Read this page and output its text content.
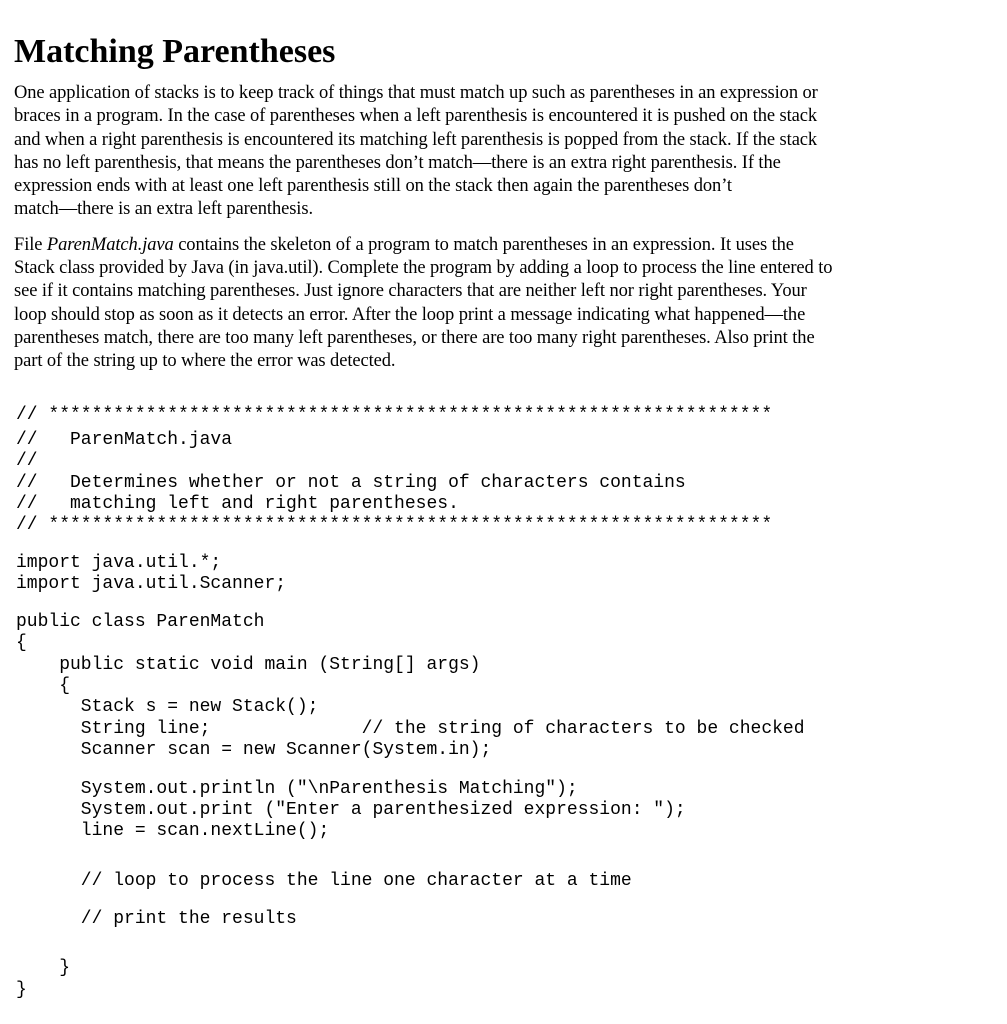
Matching Parentheses
One application of stacks is to keep track of things that must match up such as parentheses in an expression or
braces in a program. In the case of parentheses when a left parenthesis is encountered it is pushed on the stack
and when a right parenthesis is encountered its matching left parenthesis is popped from the stack. If the stack
has no left parenthesis, that means the parentheses don’t match—there is an extra right parenthesis. If the
expression ends with at least one left parenthesis still on the stack then again the parentheses don’t
match—there is an extra left parenthesis.
File ParenMatch.java contains the skeleton of a program to match parentheses in an expression. It uses the
Stack class provided by Java (in java.util). Complete the program by adding a loop to process the line entered to
see if it contains matching parentheses. Just ignore characters that are neither left nor right parentheses. Your
loop should stop as soon as it detects an error. After the loop print a message indicating what happened—the
parentheses match, there are too many left parentheses, or there are too many right parentheses. Also print the
part of the string up to where the error was detected.
// *******************************************************************
//   ParenMatch.java
//
//   Determines whether or not a string of characters contains
//   matching left and right parentheses.
// *******************************************************************
import java.util.*;
import java.util.Scanner;
public class ParenMatch
{
public static void main (String[] args)
{
Stack s = new Stack();
String line;              // the string of characters to be checked
Scanner scan = new Scanner(System.in);
System.out.println ("\nParenthesis Matching");
System.out.print ("Enter a parenthesized expression: ");
line = scan.nextLine();
// loop to process the line one character at a time
// print the results
}
}
